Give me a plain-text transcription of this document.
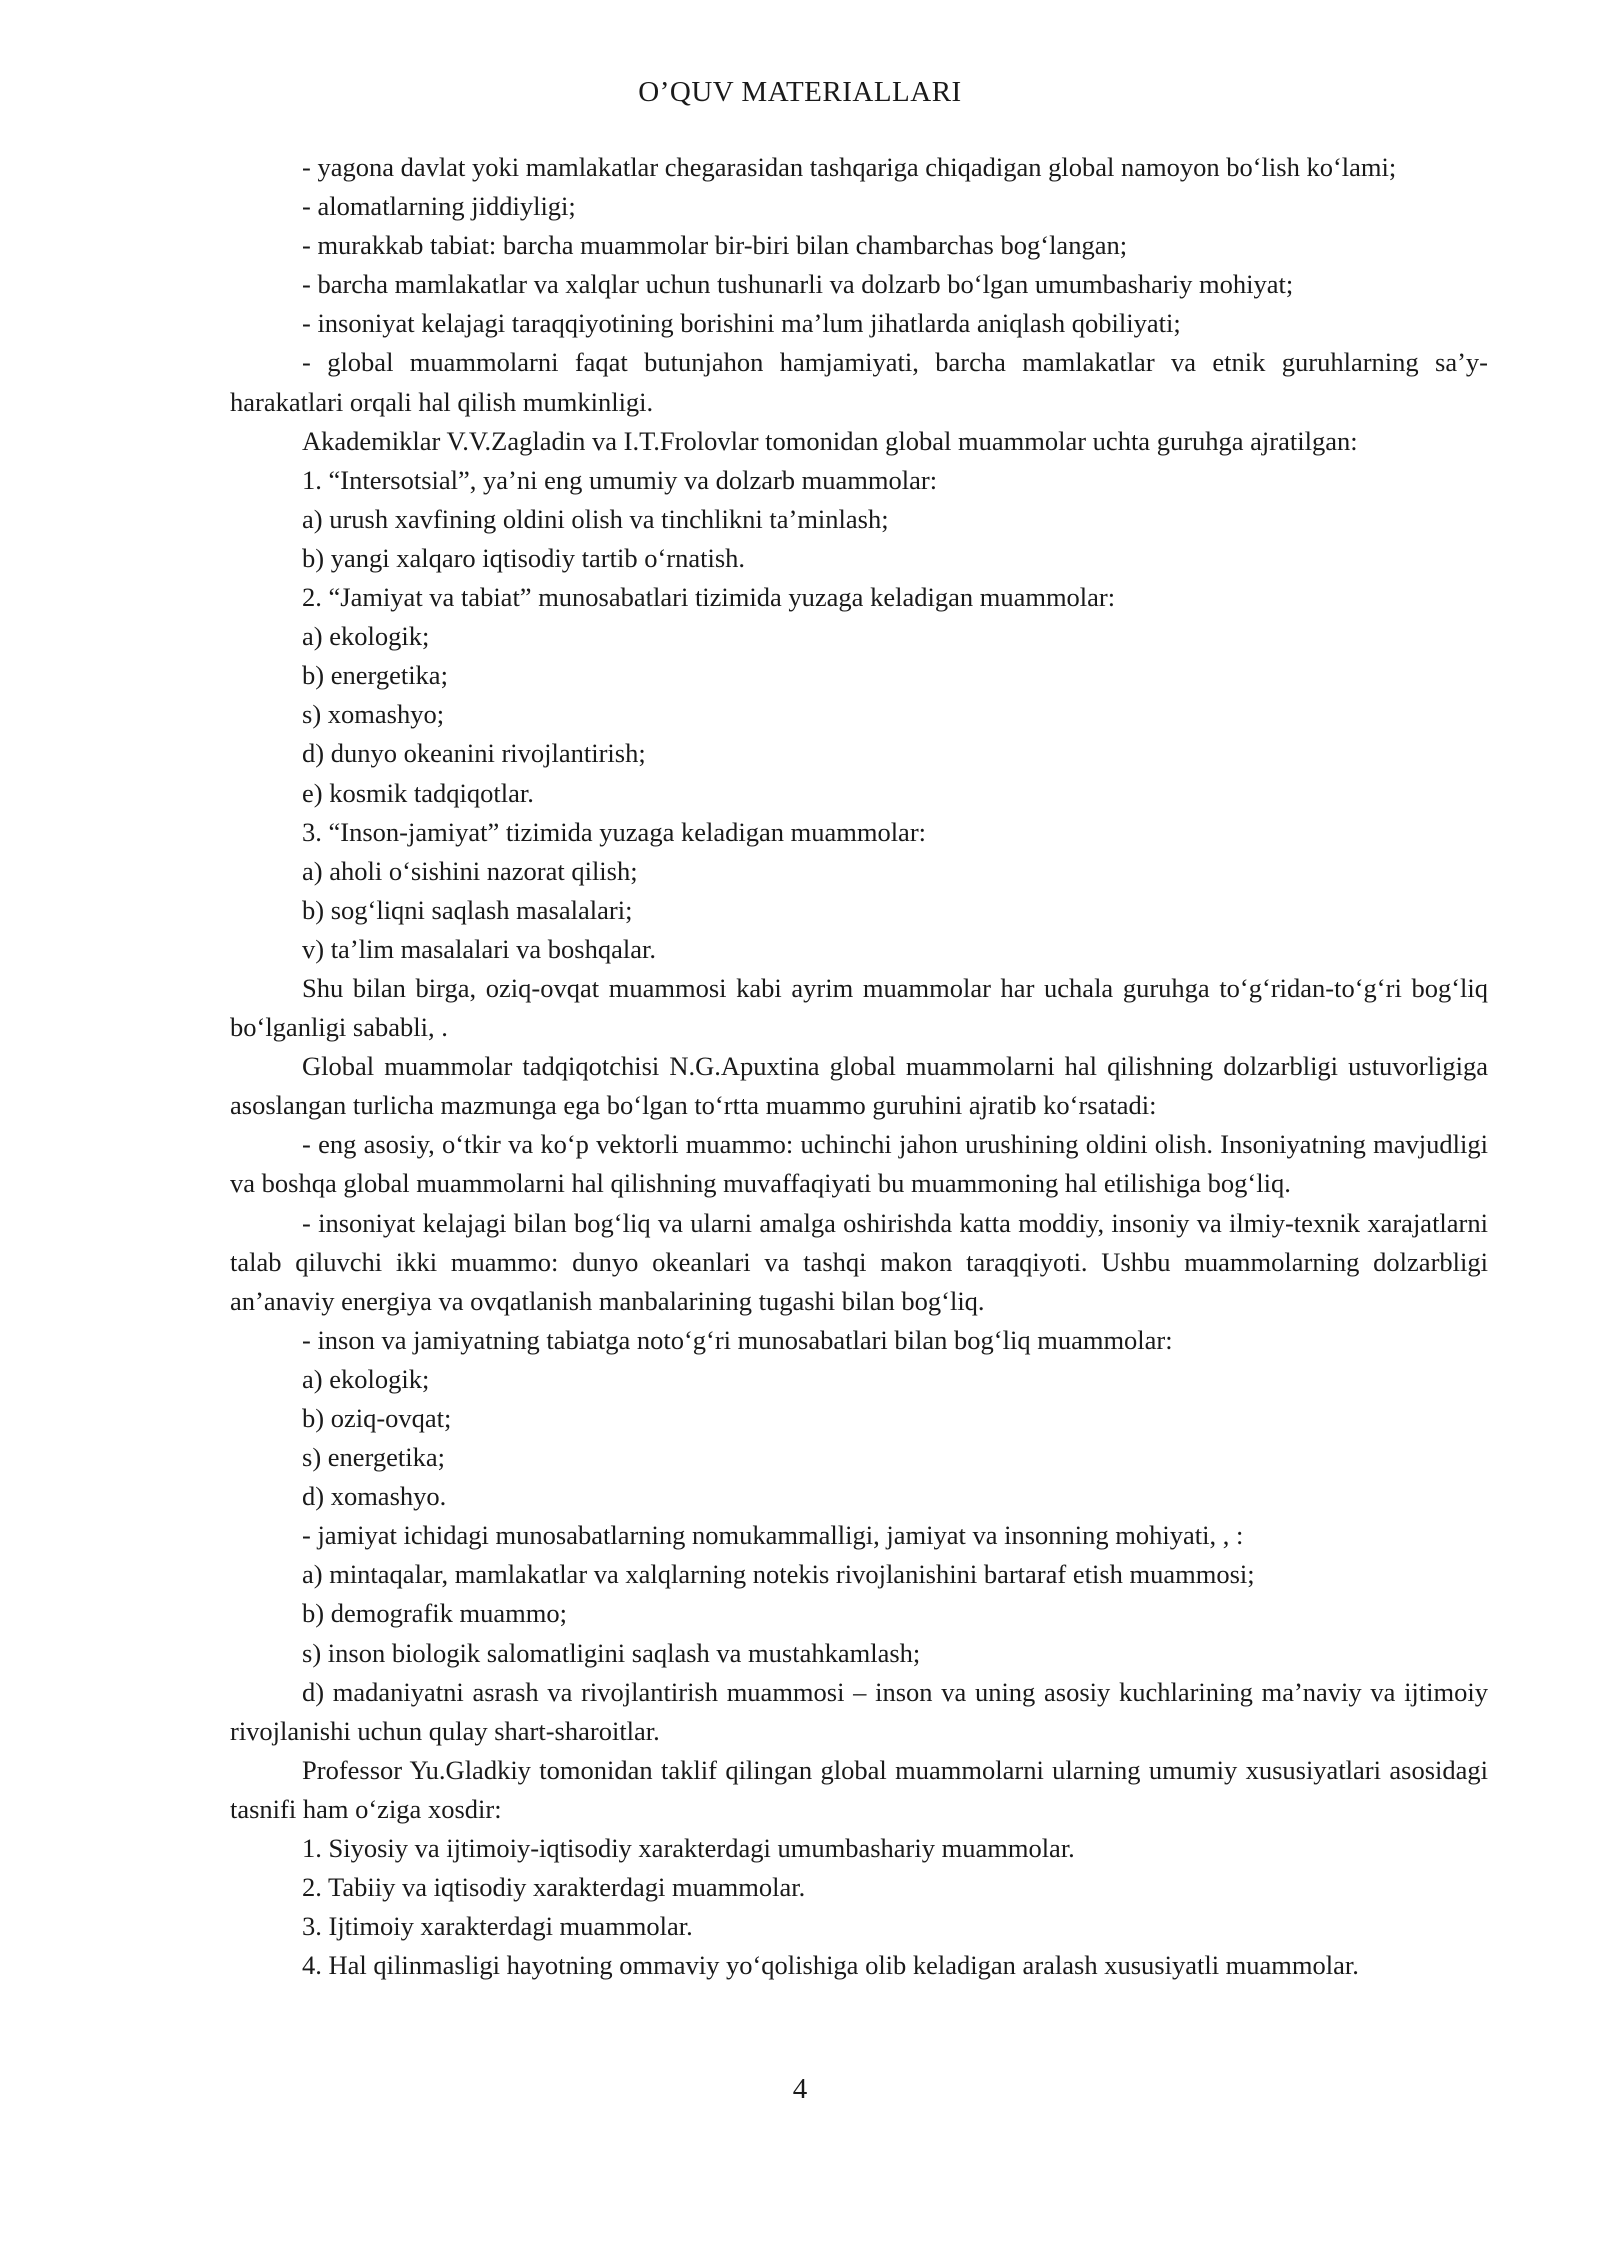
O’QUV MATERIALLARI

- yagona davlat yoki mamlakatlar chegarasidan tashqariga chiqadigan global namoyon bo‘lish ko‘lami;

- alomatlarning jiddiyligi;

- murakkab tabiat: barcha muammolar bir-biri bilan chambarchas bog‘langan;

- barcha mamlakatlar va xalqlar uchun tushunarli va dolzarb bo‘lgan umumbashariy mohiyat;

- insoniyat kelajagi taraqqiyotining borishini ma’lum jihatlarda aniqlash qobiliyati;

- global muammolarni faqat butunjahon hamjamiyati, barcha mamlakatlar va etnik guruhlarning sa’y-harakatlari orqali hal qilish mumkinligi.

Akademiklar V.V.Zagladin va I.T.Frolovlar tomonidan global muammolar uchta guruhga ajratilgan:

1. “Intersotsial”, ya’ni eng umumiy va dolzarb muammolar:

a) urush xavfining oldini olish va tinchlikni ta’minlash;

b) yangi xalqaro iqtisodiy tartib o‘rnatish.

2. “Jamiyat va tabiat” munosabatlari tizimida yuzaga keladigan muammolar:

a) ekologik;

b) energetika;

s) xomashyo;

d) dunyo okeanini rivojlantirish;

e) kosmik tadqiqotlar.

3. “Inson-jamiyat” tizimida yuzaga keladigan muammolar:

a) aholi o‘sishini nazorat qilish;

b) sog‘liqni saqlash masalalari;

v) ta’lim masalalari va boshqalar.

Shu bilan birga, oziq-ovqat muammosi kabi ayrim muammolar har uchala guruhga to‘g‘ridan-to‘g‘ri bog‘liq bo‘lganligi sababli, .

Global muammolar tadqiqotchisi N.G.Apuxtina global muammolarni hal qilishning dolzarbligi ustuvorligiga asoslangan turlicha mazmunga ega bo‘lgan to‘rtta muammo guruhini ajratib ko‘rsatadi:

- eng asosiy, o‘tkir va ko‘p vektorli muammo: uchinchi jahon urushining oldini olish. Insoniyatning mavjudligi va boshqa global muammolarni hal qilishning muvaffaqiyati bu muammoning hal etilishiga bog‘liq.

- insoniyat kelajagi bilan bog‘liq va ularni amalga oshirishda katta moddiy, insoniy va ilmiy-texnik xarajatlarni talab qiluvchi ikki muammo: dunyo okeanlari va tashqi makon taraqqiyoti. Ushbu muammolarning dolzarbligi an’anaviy energiya va ovqatlanish manbalarining tugashi bilan bog‘liq.

- inson va jamiyatning tabiatga noto‘g‘ri munosabatlari bilan bog‘liq muammolar:

a) ekologik;

b) oziq-ovqat;

s) energetika;

d) xomashyo.

- jamiyat ichidagi munosabatlarning nomukammalligi, jamiyat va insonning mohiyati, , :

a) mintaqalar, mamlakatlar va xalqlarning notekis rivojlanishini bartaraf etish muammosi;

b) demografik muammo;

s) inson biologik salomatligini saqlash va mustahkamlash;

d) madaniyatni asrash va rivojlantirish muammosi – inson va uning asosiy kuchlarining ma’naviy va ijtimoiy rivojlanishi uchun qulay shart-sharoitlar.

Professor Yu.Gladkiy tomonidan taklif qilingan global muammolarni ularning umumiy xususiyatlari asosidagi tasnifi ham o‘ziga xosdir:

1. Siyosiy va ijtimoiy-iqtisodiy xarakterdagi umumbashariy muammolar.

2. Tabiiy va iqtisodiy xarakterdagi muammolar.

3. Ijtimoiy xarakterdagi muammolar.

4. Hal qilinmasligi hayotning ommaviy yo‘qolishiga olib keladigan aralash xususiyatli muammolar.

4
